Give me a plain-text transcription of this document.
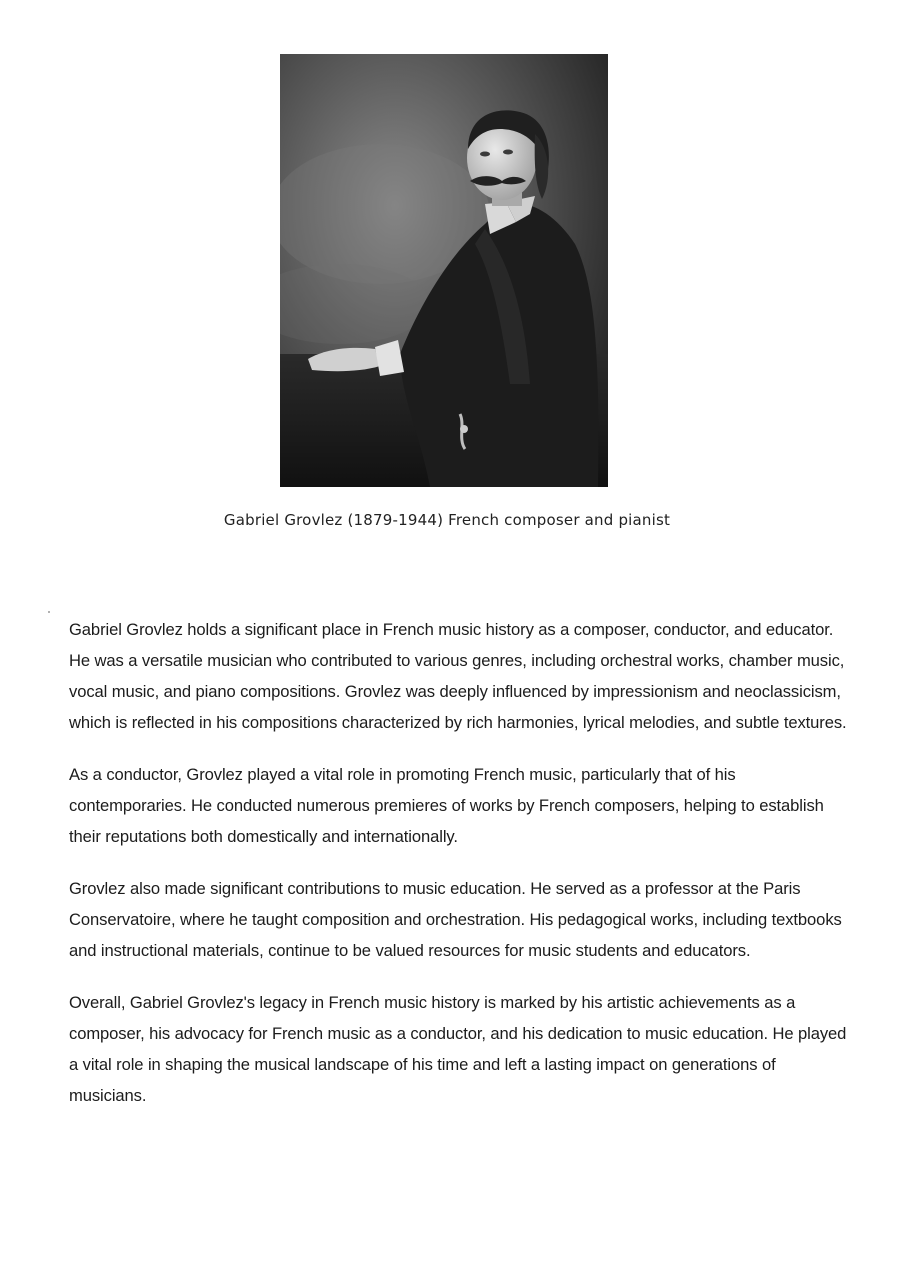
Gabriel Grovlez (1879-1944) French composer and pianist

Gabriel Grovlez holds a significant place in French music history as a composer, conductor, and educator. He was a versatile musician who contributed to various genres, including orchestral works, chamber music, vocal music, and piano compositions. Grovlez was deeply influenced by impressionism and neoclassicism, which is reflected in his compositions characterized by rich harmonies, lyrical melodies, and subtle textures.

As a conductor, Grovlez played a vital role in promoting French music, particularly that of his contemporaries. He conducted numerous premieres of works by French composers, helping to establish their reputations both domestically and internationally.

Grovlez also made significant contributions to music education. He served as a professor at the Paris Conservatoire, where he taught composition and orchestration. His pedagogical works, including textbooks and instructional materials, continue to be valued resources for music students and educators.

Overall, Gabriel Grovlez's legacy in French music history is marked by his artistic achievements as a composer, his advocacy for French music as a conductor, and his dedication to music education. He played a vital role in shaping the musical landscape of his time and left a lasting impact on generations of musicians.
